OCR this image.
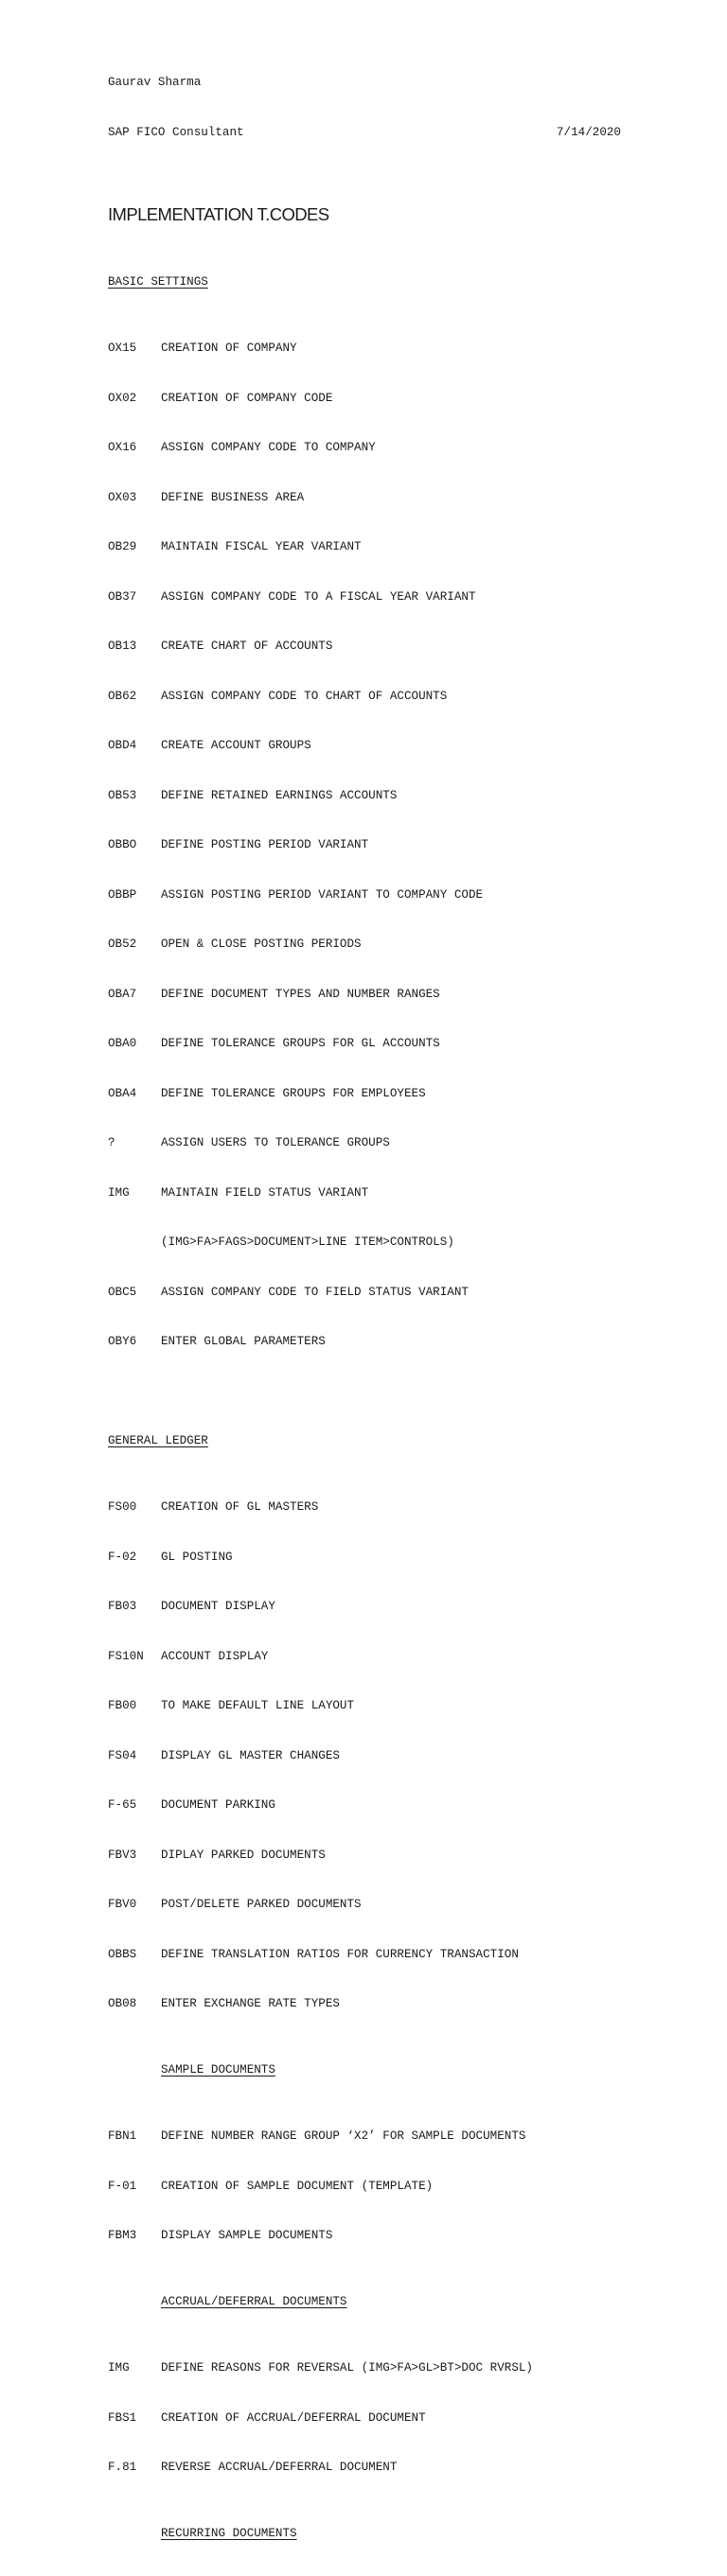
Gaurav Sharma

SAP FICO Consultant	7/14/2020

IMPLEMENTATION T.CODES

BASIC SETTINGS

OX15	CREATION OF COMPANY

OX02	CREATION OF COMPANY CODE

OX16	ASSIGN COMPANY CODE TO COMPANY

OX03	DEFINE BUSINESS AREA

OB29	MAINTAIN FISCAL YEAR VARIANT

OB37	ASSIGN COMPANY CODE TO A FISCAL YEAR VARIANT

OB13	CREATE CHART OF ACCOUNTS

OB62	ASSIGN COMPANY CODE TO CHART OF ACCOUNTS

OBD4	CREATE ACCOUNT GROUPS

OB53	DEFINE RETAINED EARNINGS ACCOUNTS

OBBO	DEFINE POSTING PERIOD VARIANT

OBBP	ASSIGN POSTING PERIOD VARIANT TO COMPANY CODE

OB52	OPEN & CLOSE POSTING PERIODS

OBA7	DEFINE DOCUMENT TYPES AND NUMBER RANGES

OBA0	DEFINE TOLERANCE GROUPS FOR GL ACCOUNTS

OBA4	DEFINE TOLERANCE GROUPS FOR EMPLOYEES

?	ASSIGN USERS TO TOLERANCE GROUPS

IMG	MAINTAIN FIELD STATUS VARIANT

(IMG>FA>FAGS>DOCUMENT>LINE ITEM>CONTROLS)

OBC5	ASSIGN COMPANY CODE TO FIELD STATUS VARIANT

OBY6	ENTER GLOBAL PARAMETERS

GENERAL LEDGER

FS00	CREATION OF GL MASTERS

F-02	GL POSTING

FB03	DOCUMENT DISPLAY

FS10N	ACCOUNT DISPLAY

FB00	TO MAKE DEFAULT LINE LAYOUT

FS04	DISPLAY GL MASTER CHANGES

F-65	DOCUMENT PARKING

FBV3	DIPLAY PARKED DOCUMENTS

FBV0	POST/DELETE PARKED DOCUMENTS

OBBS	DEFINE TRANSLATION RATIOS FOR CURRENCY TRANSACTION

OB08	ENTER EXCHANGE RATE TYPES

SAMPLE DOCUMENTS

FBN1	DEFINE NUMBER RANGE GROUP ‘X2’ FOR SAMPLE DOCUMENTS

F-01	CREATION OF SAMPLE DOCUMENT (TEMPLATE)

FBM3	DISPLAY SAMPLE DOCUMENTS

ACCRUAL/DEFERRAL DOCUMENTS

IMG	DEFINE REASONS FOR REVERSAL (IMG>FA>GL>BT>DOC RVRSL)

FBS1	CREATION OF ACCRUAL/DEFERRAL DOCUMENT

F.81	REVERSE ACCRUAL/DEFERRAL DOCUMENT

RECURRING DOCUMENTS
